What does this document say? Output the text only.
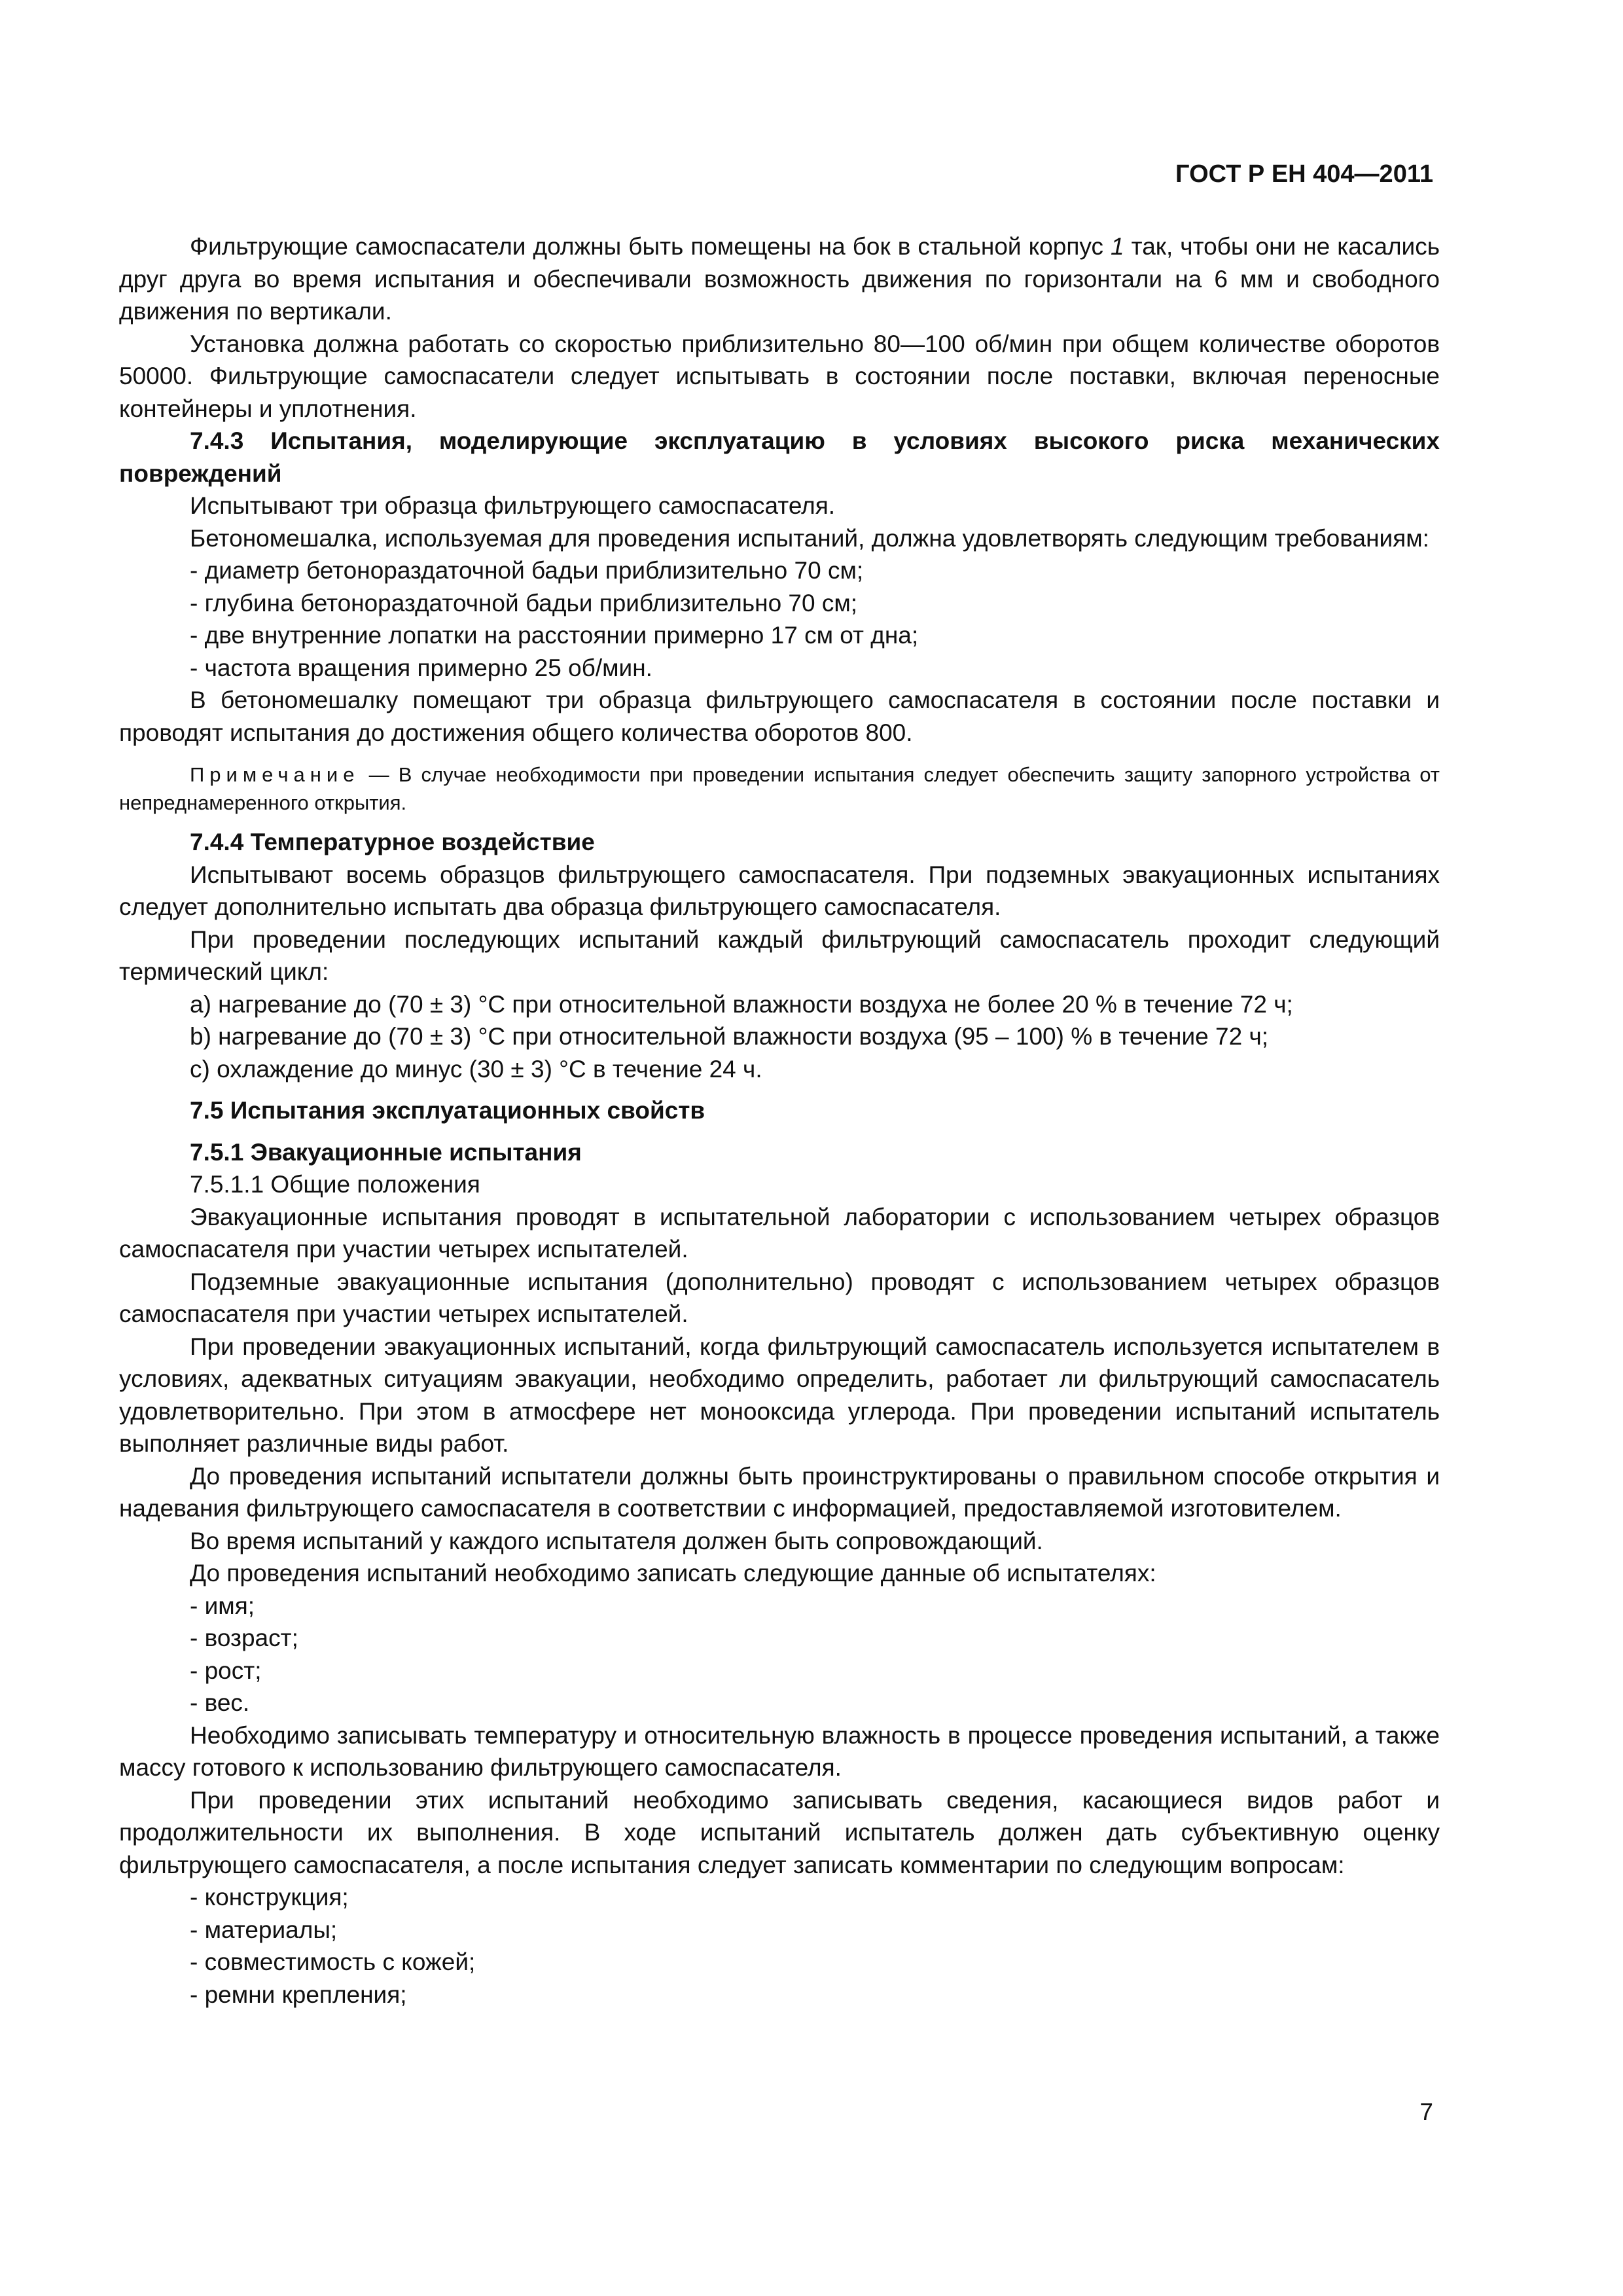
ГОСТ Р ЕН 404—2011

Фильтрующие самоспасатели должны быть помещены на бок в стальной корпус 1 так, чтобы они не касались друг друга во время испытания и обеспечивали возможность движения по горизонтали на 6 мм и свободного движения по вертикали.

Установка должна работать со скоростью приблизительно 80—100 об/мин при общем количестве оборотов 50000. Фильтрующие самоспасатели следует испытывать в состоянии после поставки, включая переносные контейнеры и уплотнения.

7.4.3 Испытания, моделирующие эксплуатацию в условиях высокого риска механических повреждений

Испытывают три образца фильтрующего самоспасателя.

Бетономешалка, используемая для проведения испытаний, должна удовлетворять следующим требованиям:

- диаметр бетонораздаточной бадьи приблизительно 70 см;

- глубина бетонораздаточной бадьи приблизительно 70 см;

- две внутренние лопатки на расстоянии примерно 17 см от дна;

- частота вращения примерно 25 об/мин.

В бетономешалку помещают три образца фильтрующего самоспасателя в состоянии после поставки и проводят испытания до достижения общего количества оборотов 800.

Примечание — В случае необходимости при проведении испытания следует обеспечить защиту запорного устройства от непреднамеренного открытия.

7.4.4 Температурное воздействие

Испытывают восемь образцов фильтрующего самоспасателя. При подземных эвакуационных испытаниях следует дополнительно испытать два образца фильтрующего самоспасателя.

При проведении последующих испытаний каждый фильтрующий самоспасатель проходит следующий термический цикл:

a) нагревание до (70 ± 3) °С при относительной влажности воздуха не более 20 % в течение 72 ч;

b) нагревание до (70 ± 3) °С при относительной влажности воздуха (95 – 100) % в течение 72 ч;

c) охлаждение до минус (30 ± 3) °С в течение 24 ч.

7.5 Испытания эксплуатационных свойств

7.5.1 Эвакуационные испытания

7.5.1.1 Общие положения

Эвакуационные испытания проводят в испытательной лаборатории с использованием четырех образцов самоспасателя при участии четырех испытателей.

Подземные эвакуационные испытания (дополнительно) проводят с использованием четырех образцов самоспасателя при участии четырех испытателей.

При проведении эвакуационных испытаний, когда фильтрующий самоспасатель используется испытателем в условиях, адекватных ситуациям эвакуации, необходимо определить, работает ли фильтрующий самоспасатель удовлетворительно. При этом в атмосфере нет монооксида углерода. При проведении испытаний испытатель выполняет различные виды работ.

До проведения испытаний испытатели должны быть проинструктированы о правильном способе открытия и надевания фильтрующего самоспасателя в соответствии с информацией, предоставляемой изготовителем.

Во время испытаний у каждого испытателя должен быть сопровождающий.

До проведения испытаний необходимо записать следующие данные об испытателях:

- имя;

- возраст;

- рост;

- вес.

Необходимо записывать температуру и относительную влажность в процессе проведения испытаний, а также массу готового к использованию фильтрующего самоспасателя.

При проведении этих испытаний необходимо записывать сведения, касающиеся видов работ и продолжительности их выполнения. В ходе испытаний испытатель должен дать субъективную оценку фильтрующего самоспасателя, а после испытания следует записать комментарии по следующим вопросам:

- конструкция;

- материалы;

- совместимость с кожей;

- ремни крепления;

7
